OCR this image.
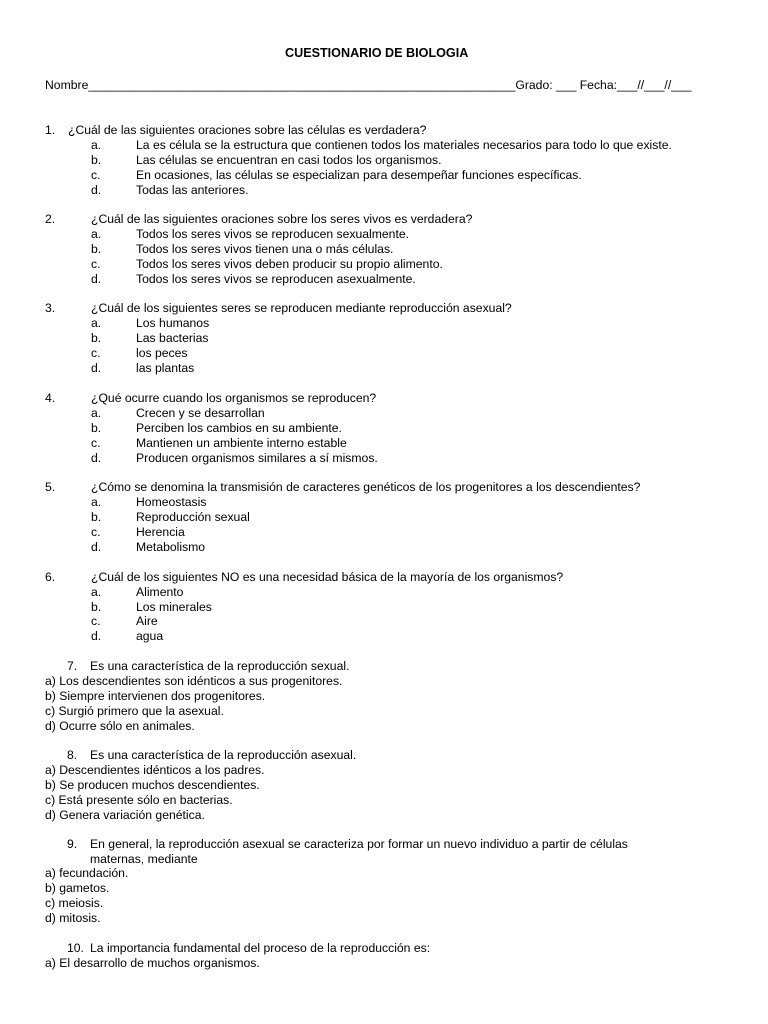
CUESTIONARIO DE BIOLOGIA
Nombre_______________________________________________________________Grado: ___ Fecha:___//___//___
1. ¿Cuál de las siguientes oraciones sobre las células es verdadera?
a.	La es célula se la estructura que contienen todos los materiales necesarios para todo lo que existe.
b.	Las células se encuentran en casi todos los organismos.
c.	En ocasiones, las células se especializan para desempeñar funciones específicas.
d.	Todas las anteriores.
2.	¿Cuál de las siguientes oraciones sobre los seres vivos es verdadera?
a.	Todos los seres vivos se reproducen sexualmente.
b.	Todos los seres vivos tienen una o más células.
c.	Todos los seres vivos deben producir su propio alimento.
d.	Todos los seres vivos se reproducen asexualmente.
3.	¿Cuál de los siguientes seres se reproducen mediante reproducción asexual?
a.	Los humanos
b.	Las bacterias
c.	los peces
d.	las plantas
4.	¿Qué ocurre cuando los organismos se reproducen?
a.	Crecen y se desarrollan
b.	Perciben los cambios en su ambiente.
c.	Mantienen un ambiente interno estable
d.	Producen organismos similares a sí mismos.
5.	¿Cómo se denomina la transmisión de caracteres genéticos de los progenitores a los descendientes?
a.	Homeostasis
b.	Reproducción sexual
c.	Herencia
d.	Metabolismo
6.	¿Cuál de los siguientes NO es una necesidad básica de la mayoría de los organismos?
a.	Alimento
b.	Los minerales
c.	Aire
d.	agua
7. Es una característica de la reproducción sexual.
a) Los descendientes son idénticos a sus progenitores.
b) Siempre intervienen dos progenitores.
c) Surgió primero que la asexual.
d) Ocurre sólo en animales.
8. Es una característica de la reproducción asexual.
a) Descendientes idénticos a los padres.
b) Se producen muchos descendientes.
c) Está presente sólo en bacterias.
d) Genera variación genética.
9. En general, la reproducción asexual se caracteriza por formar un nuevo individuo a partir de células
maternas, mediante
a) fecundación.
b) gametos.
c) meiosis.
d) mitosis.
10. La importancia fundamental del proceso de la reproducción es:
a) El desarrollo de muchos organismos.
